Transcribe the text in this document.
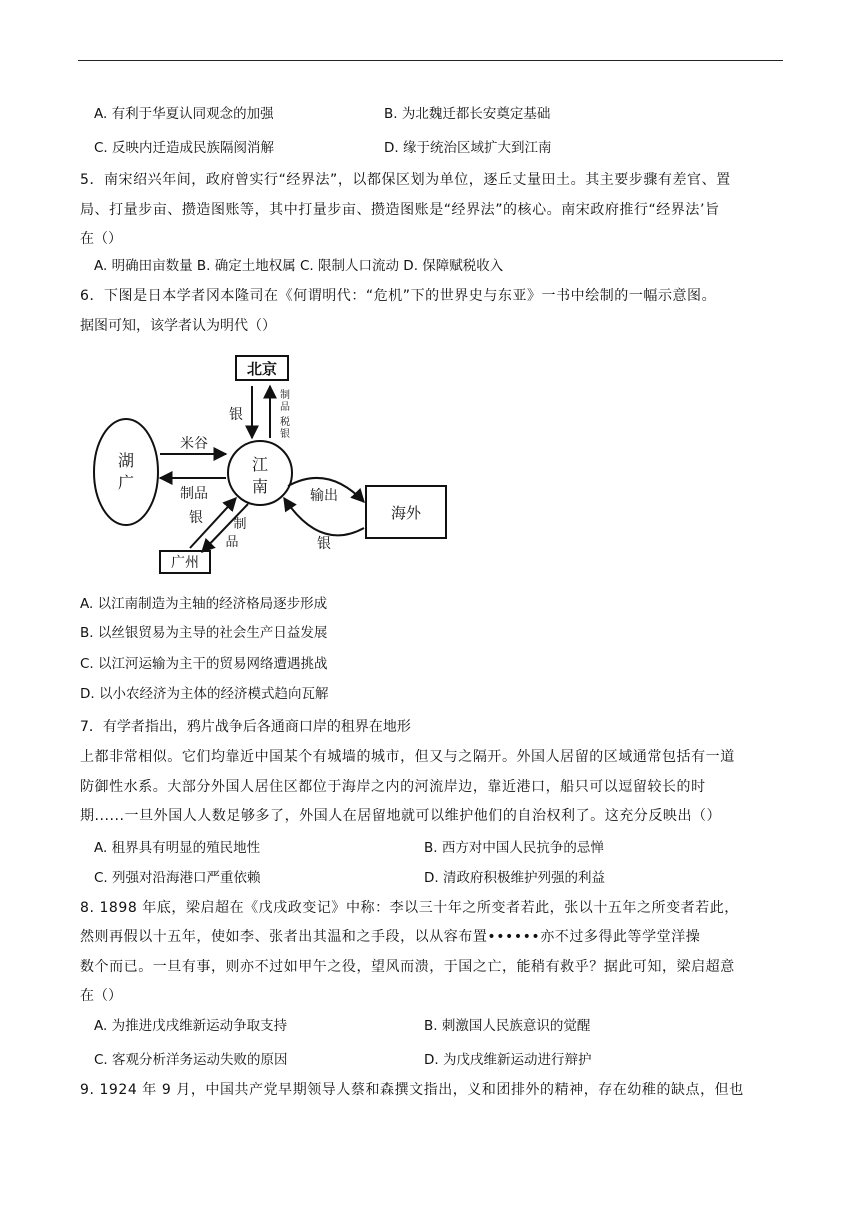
A. 有利于华夏认同观念的加强	B. 为北魏迁都长安奠定基础
C. 反映内迁造成民族隔阂消解	D. 缘于统治区域扩大到江南
5．南宋绍兴年间，政府曾实行“经界法”，以都保区划为单位，逐丘丈量田土。其主要步骤有差官、置
局、打量步亩、攒造图账等，其中打量步亩、攒造图账是“经界法”的核心。南宋政府推行“经界法’旨
在（）
A. 明确田亩数量 B. 确定土地权属 C. 限制人口流动 D. 保障赋税收入
6．下图是日本学者冈本隆司在《何谓明代：“危机”下的世界史与东亚》一书中绘制的一幅示意图。
据图可知，该学者认为明代（）
北京
江
南
湖
广
海外
广州
银
制
品
税
银
米谷
制品
银 制
品
输出
银
A. 以江南制造为主轴的经济格局逐步形成
B. 以丝银贸易为主导的社会生产日益发展
C. 以江河运输为主干的贸易网络遭遇挑战
D. 以小农经济为主体的经济模式趋向瓦解
7．有学者指出，鸦片战争后各通商口岸的租界在地形
上都非常相似。它们均靠近中国某个有城墙的城市，但又与之隔开。外国人居留的区域通常包括有一道
防御性水系。大部分外国人居住区都位于海岸之内的河流岸边，靠近港口，船只可以逗留较长的时
期......一旦外国人人数足够多了，外国人在居留地就可以维护他们的自治权利了。这充分反映出（）
A. 租界具有明显的殖民地性	B. 西方对中国人民抗争的忌惮
C. 列强对沿海港口严重依赖	D. 清政府积极维护列强的利益
8. 1898 年底，梁启超在《戊戌政变记》中称：李以三十年之所变者若此，张以十五年之所变者若此，
然则再假以十五年，使如李、张者出其温和之手段，以从容布置••••••亦不过多得此等学堂洋操
数个而已。一旦有事，则亦不过如甲午之役，望风而溃，于国之亡，能稍有救乎？据此可知，梁启超意
在（）
A. 为推进戊戌维新运动争取支持	B. 刺激国人民族意识的觉醒
C. 客观分析洋务运动失败的原因	D. 为戊戌维新运动进行辩护
9. 1924 年 9 月，中国共产党早期领导人蔡和森撰文指出，义和团排外的精神，存在幼稚的缺点，但也
